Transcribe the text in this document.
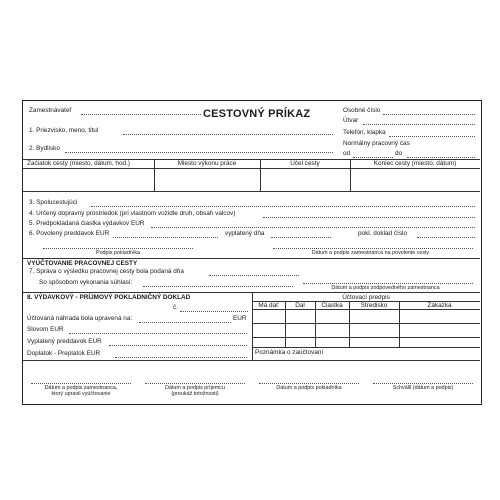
Zamestnávateľ	CESTOVNÝ PRÍKAZ
1. Priezvisko, meno, titul
2. Bydlisko
Osobné číslo
Útvar
Telefón, klapka
Normálny pracovný čas
od	do
Začiatok cesty (miesto, dátum, hod.)	Miesto výkonu práce	Účel cesty	Koniec cesty (miesto, dátum)
3. Spolucestujúci
4. Určený dopravný prostriedok (pri vlastnom vozidle druh, obsah valcov)
5. Predpokladaná čiastka výdavkov EUR
6. Povolený preddavok EUR	vyplatený dňa	pokl. doklad číslo
Podpis pokladníka	Dátum a podpis zamestnanca na povolenie cesty
VYÚČTOVANIE PRACOVNEJ CESTY
7. Správa o výsledku pracovnej cesty bola podaná dňa
So spôsobom vykonania súhlasí:
Dátum a podpis zodpovedného zamestnanca
8. VÝDAVKOVÝ - PRÍJMOVÝ POKLADNIČNÝ DOKLAD
č.
Účtovaná náhrada bola upravená na:	EUR
Slovom EUR
Vyplatený preddavok EUR
Doplatok - Preplatok EUR
Účtovací predpis
Má dať	Dal	Čiastka	Stredisko	Zákazka
Poznámka o zaúčtovaní
Dátum a podpis zamestnanca,
ktorý upravil vyúčtovanie
Dátum a podpis príjemcu
(preukáž totožnosti)
Dátum a podpis pokladníka	Schválil (dátum a podpis)
